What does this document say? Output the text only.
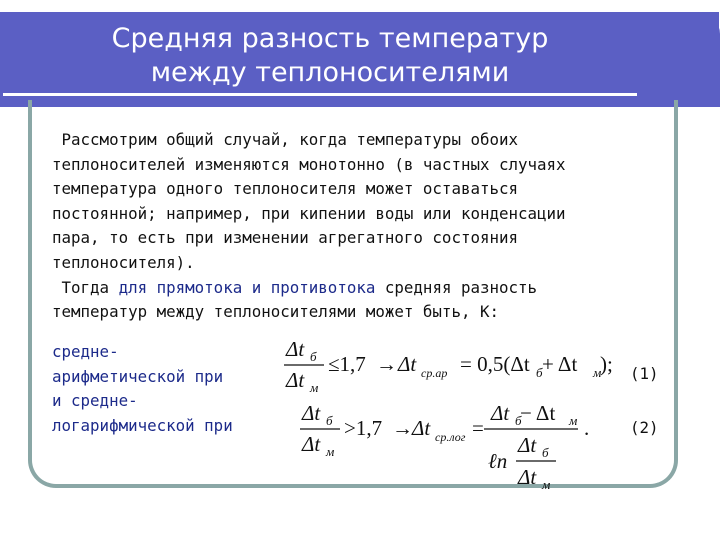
Средняя разность температур
между теплоносителями

Рассмотрим общий случай, когда температуры обоих

теплоносителей изменяются монотонно (в частных случаях

температура одного теплоносителя может оставаться

постоянной; например, при кипении воды или конденсации

пара, то есть при изменении агрегатного состояния

теплоносителя).

Тогда для прямотока и противотока средняя разность

температур между теплоносителями может быть, К:

средне-
арифметической при
и средне-
логарифмической при
(1)
(2)
Δt б
Δt м
≤1,7 → Δt ср.ар = 0,5(Δt б + Δt м
);
Δt б
Δt м
>1,7 → Δt ср.лог =
Δt б
− Δt м
ℓn
Δt б
Δt м
.
